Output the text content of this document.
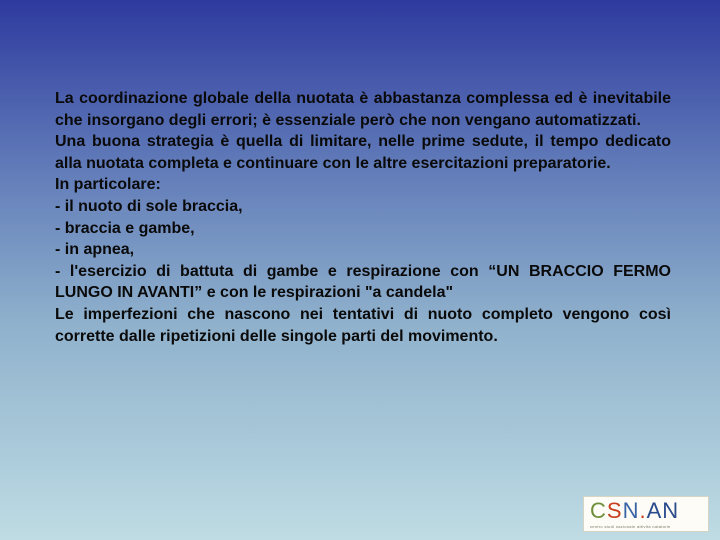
La coordinazione globale della nuotata è abbastanza complessa ed è inevitabile che insorgano degli errori; è essenziale però che non vengano automatizzati.

Una buona strategia è quella di limitare, nelle prime sedute, il tempo dedicato alla nuotata completa e continuare con le altre esercitazioni preparatorie.

In particolare:

- il nuoto di sole braccia,

- braccia e gambe,

- in apnea,

- l'esercizio di battuta di gambe e respirazione con “UN BRACCIO FERMO LUNGO IN AVANTI” e con le respirazioni "a candela"

Le imperfezioni che nascono nei tentativi di nuoto completo vengono così corrette dalle ripetizioni delle singole parti del movimento.

CSN.AN
centro studi nazionale attività natatorie
